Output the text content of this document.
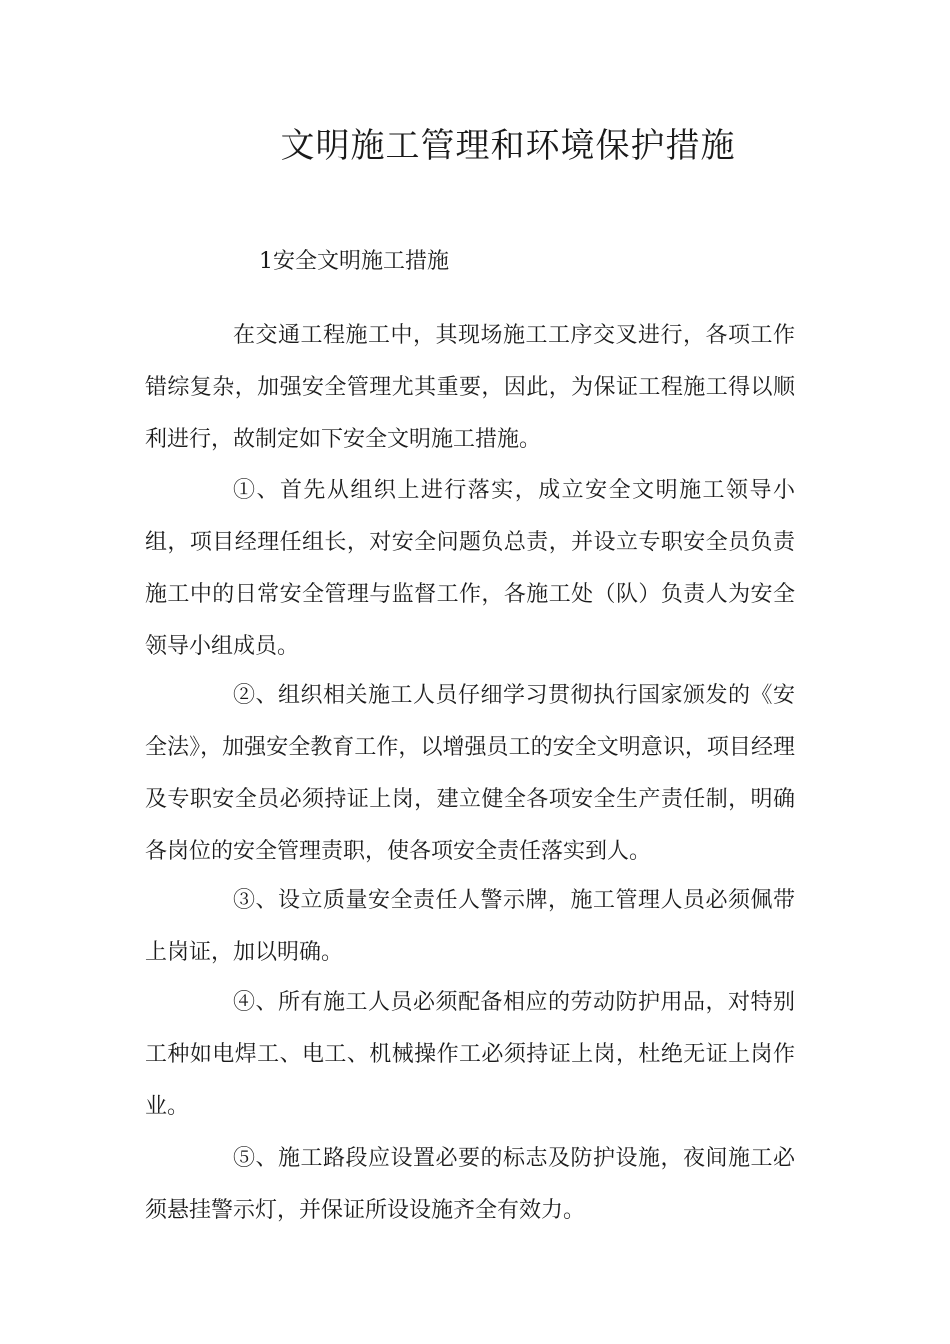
文明施工管理和环境保护措施
1安全文明施工措施

在交通工程施工中，其现场施工工序交叉进行，各项工作错综复杂，加强安全管理尤其重要，因此，为保证工程施工得以顺利进行，故制定如下安全文明施工措施。

①、首先从组织上进行落实，成立安全文明施工领导小组，项目经理任组长，对安全问题负总责，并设立专职安全员负责施工中的日常安全管理与监督工作，各施工处（队）负责人为安全领导小组成员。

②、组织相关施工人员仔细学习贯彻执行国家颁发的《安全法》，加强安全教育工作，以增强员工的安全文明意识，项目经理及专职安全员必须持证上岗，建立健全各项安全生产责任制，明确各岗位的安全管理责职，使各项安全责任落实到人。

③、设立质量安全责任人警示牌，施工管理人员必须佩带上岗证，加以明确。

④、所有施工人员必须配备相应的劳动防护用品，对特别工种如电焊工、电工、机械操作工必须持证上岗，杜绝无证上岗作业。

⑤、施工路段应设置必要的标志及防护设施，夜间施工必须悬挂警示灯，并保证所设设施齐全有效力。
